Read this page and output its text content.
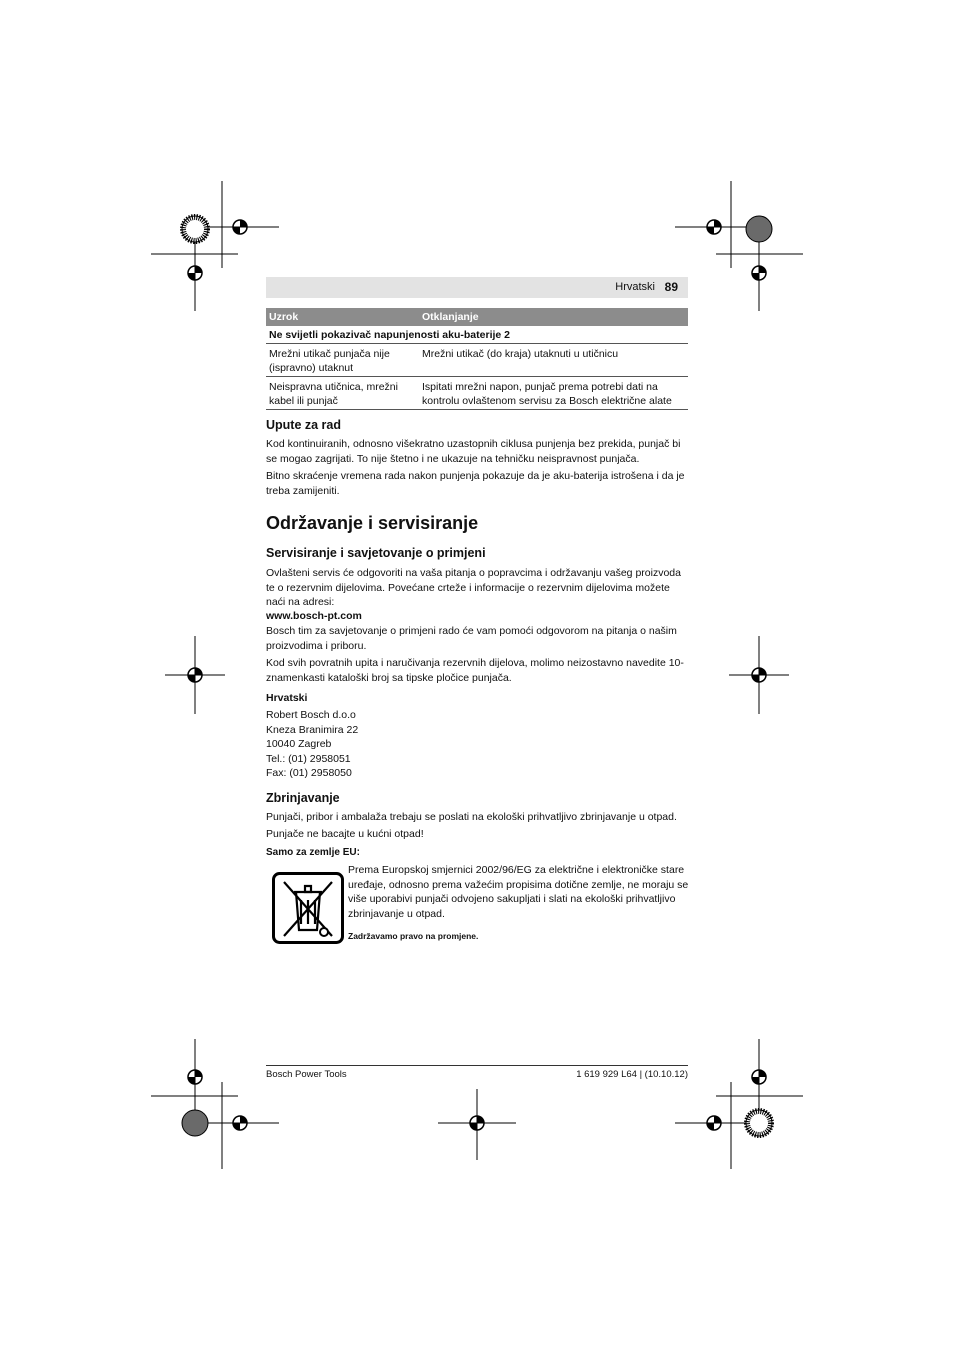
Hrvatski 89
Uzrok	Otklanjanje
Ne svijetli pokazivač napunjenosti aku-baterije 2
Mrežni utikač punjača nije (ispravno) utaknut
Mrežni utikač (do kraja) utaknuti u utičnicu
Neispravna utičnica, mrežni kabel ili punjač
Ispitati mrežni napon, punjač prema potrebi dati na kontrolu ovlaštenom servisu za Bosch električne alate
Upute za rad
Kod kontinuiranih, odnosno višekratno uzastopnih ciklusa punjenja bez prekida, punjač bi se mogao zagrijati. To nije štetno i ne ukazuje na tehničku neispravnost punjača.
Bitno skraćenje vremena rada nakon punjenja pokazuje da je aku-baterija istrošena i da je treba zamijeniti.
Održavanje i servisiranje
Servisiranje i savjetovanje o primjeni
Ovlašteni servis će odgovoriti na vaša pitanja o popravcima i održavanju vašeg proizvoda te o rezervnim dijelovima. Povećane crteže i informacije o rezervnim dijelovima možete naći na adresi:
www.bosch-pt.com
Bosch tim za savjetovanje o primjeni rado će vam pomoći odgovorom na pitanja o našim proizvodima i priboru.
Kod svih povratnih upita i naručivanja rezervnih dijelova, molimo neizostavno navedite 10-znamenkasti kataloški broj sa tipske pločice punjača.
Hrvatski
Robert Bosch d.o.o
Kneza Branimira 22
10040 Zagreb
Tel.: (01) 2958051
Fax: (01) 2958050
Zbrinjavanje
Punjači, pribor i ambalaža trebaju se poslati na ekološki prihvatljivo zbrinjavanje u otpad.
Punjače ne bacajte u kućni otpad!
Samo za zemlje EU:
Prema Europskoj smjernici 2002/96/EG za električne i elektroničke stare uređaje, odnosno prema važećim propisima dotične zemlje, ne moraju se više uporabivi punjači odvojeno sakupljati i slati na ekološki prihvatljivo zbrinjavanje u otpad.
Zadržavamo pravo na promjene.
Bosch Power Tools	1 619 929 L64 | (10.10.12)
